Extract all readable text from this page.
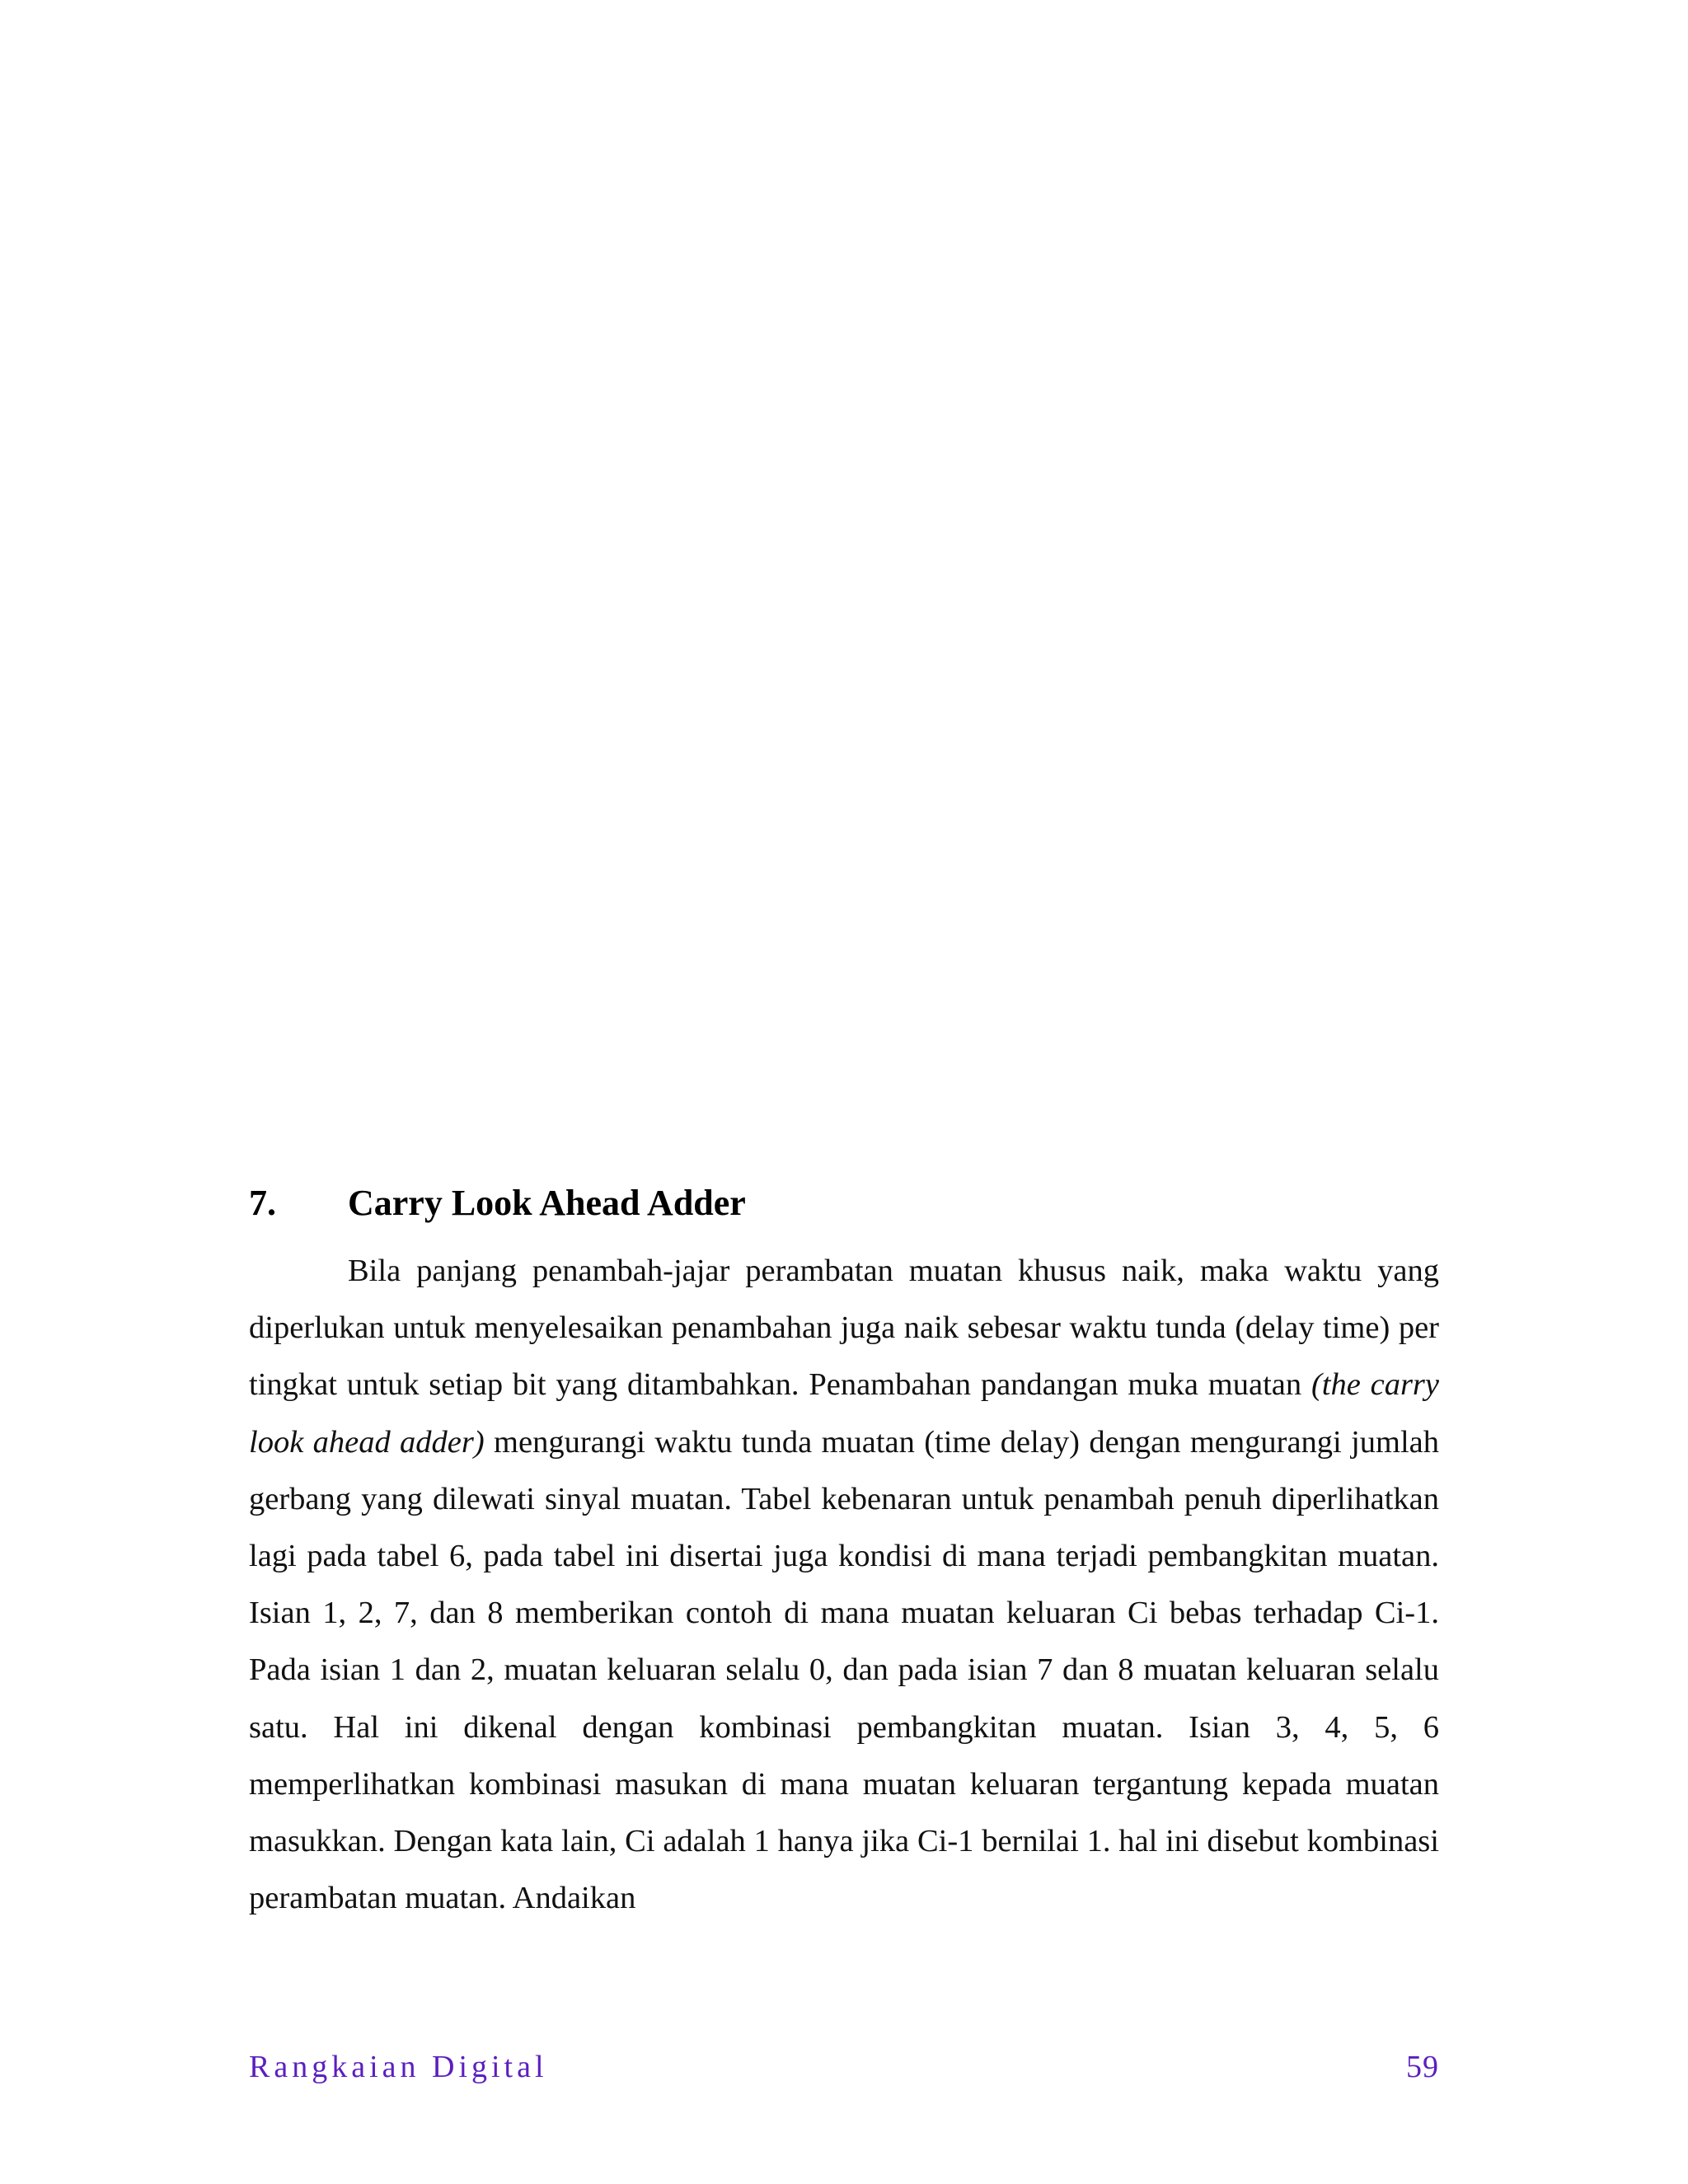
7.	Carry Look Ahead Adder

Bila panjang penambah-jajar perambatan muatan khusus naik, maka waktu yang diperlukan untuk menyelesaikan penambahan juga naik sebesar waktu tunda (delay time) per tingkat untuk setiap bit yang ditambahkan. Penambahan pandangan muka muatan (the carry look ahead adder) mengurangi waktu tunda muatan (time delay) dengan mengurangi jumlah gerbang yang dilewati sinyal muatan. Tabel kebenaran untuk penambah penuh diperlihatkan lagi pada tabel 6, pada tabel ini disertai juga kondisi di mana terjadi pembangkitan muatan. Isian 1, 2, 7, dan 8 memberikan contoh di mana muatan keluaran Ci bebas terhadap Ci-1. Pada isian 1 dan 2, muatan keluaran selalu 0, dan pada isian 7 dan 8 muatan keluaran selalu satu. Hal ini dikenal dengan kombinasi pembangkitan muatan. Isian 3, 4, 5, 6 memperlihatkan kombinasi masukan di mana muatan keluaran tergantung kepada muatan masukkan. Dengan kata lain, Ci adalah 1 hanya jika Ci-1 bernilai 1. hal ini disebut kombinasi perambatan muatan. Andaikan

Rangkaian Digital	59
